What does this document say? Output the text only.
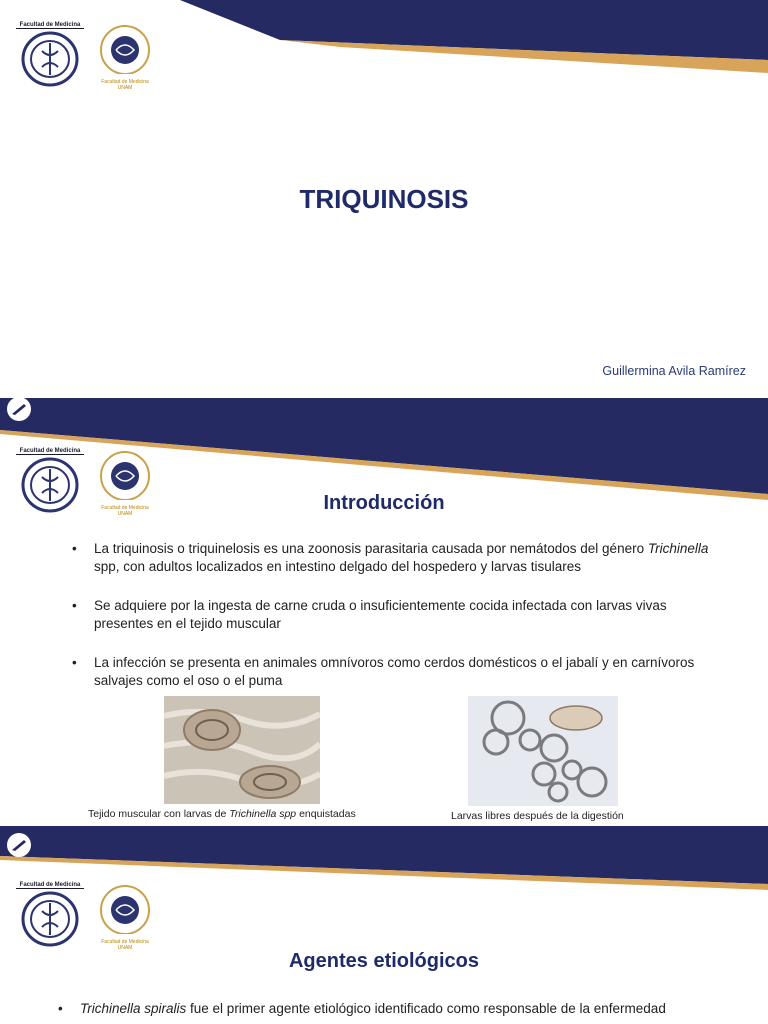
Facultad de Medicina
Facultad de Medicina UNAM
TRIQUINOSIS
Guillermina Avila Ramírez
Facultad de Medicina
Facultad de Medicina UNAM	Introducción
• La triquinosis o triquinelosis es una zoonosis parasitaria causada por nemátodos del género Trichinella spp, con adultos localizados en intestino delgado del hospedero y larvas tisulares
• Se adquiere por la ingesta de carne cruda o insuficientemente cocida infectada con larvas vivas presentes en el tejido muscular
• La infección se presenta en animales omnívoros como cerdos domésticos o el jabalí y en carnívoros salvajes como el oso o el puma
Tejido muscular con larvas de Trichinella spp enquistadas	Larvas libres después de la digestión
Facultad de Medicina
Facultad de Medicina UNAM
Agentes etiológicos
• Trichinella spiralis fue el primer agente etiológico identificado como responsable de la enfermedad
